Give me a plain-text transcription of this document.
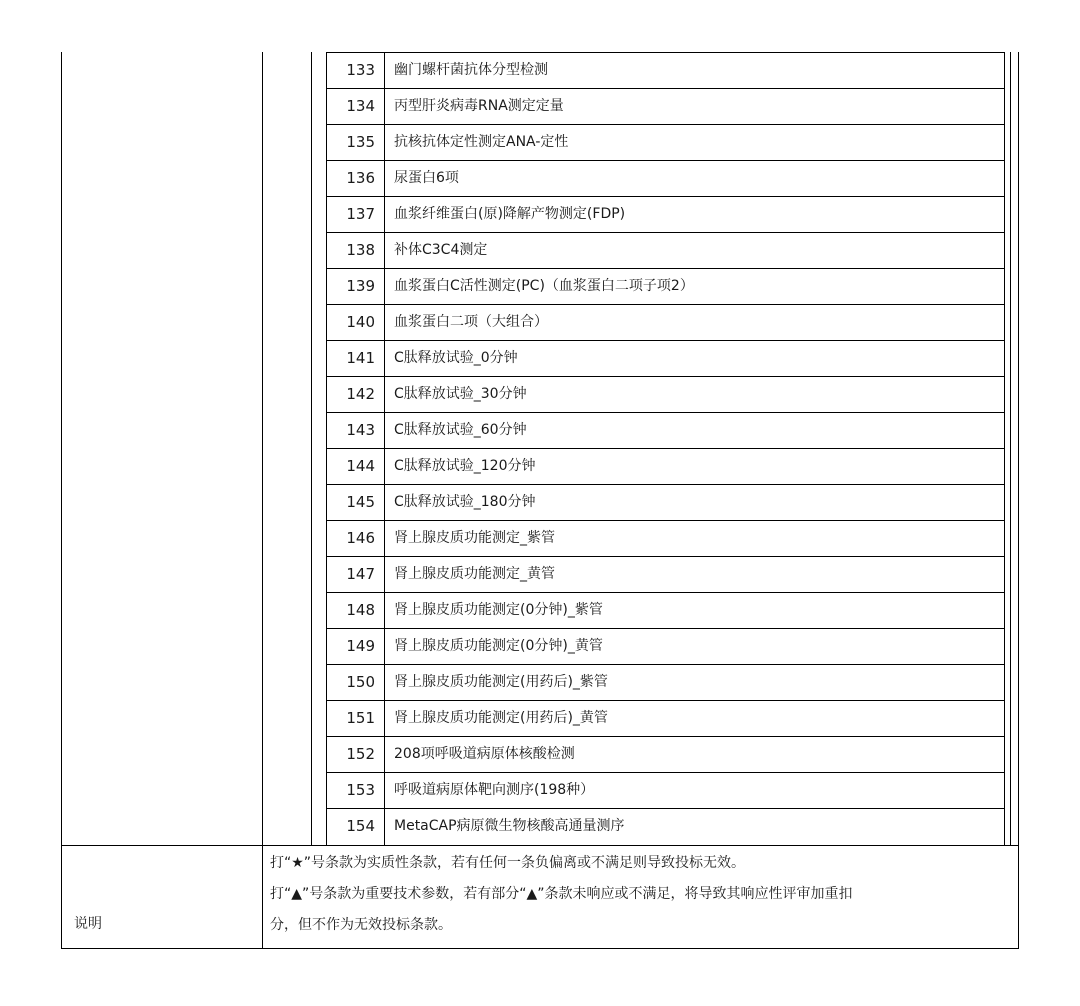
133	幽门螺杆菌抗体分型检测
134	丙型肝炎病毒RNA测定定量
135	抗核抗体定性测定ANA-定性
136	尿蛋白6项
137	血浆纤维蛋白(原)降解产物测定(FDP)
138	补体C3C4测定
139	血浆蛋白C活性测定(PC)（血浆蛋白二项子项2）
140	血浆蛋白二项（大组合）
141	C肽释放试验_0分钟
142	C肽释放试验_30分钟
143	C肽释放试验_60分钟
144	C肽释放试验_120分钟
145	C肽释放试验_180分钟
146	肾上腺皮质功能测定_紫管
147	肾上腺皮质功能测定_黄管
148	肾上腺皮质功能测定(0分钟)_紫管
149	肾上腺皮质功能测定(0分钟)_黄管
150	肾上腺皮质功能测定(用药后)_紫管
151	肾上腺皮质功能测定(用药后)_黄管
152	208项呼吸道病原体核酸检测
153	呼吸道病原体靶向测序(198种）
154	MetaCAP病原微生物核酸高通量测序
说明
打“★”号条款为实质性条款，若有任何一条负偏离或不满足则导致投标无效。
打“▲”号条款为重要技术参数，若有部分“▲”条款未响应或不满足，将导致其响应性评审加重扣
分，但不作为无效投标条款。
